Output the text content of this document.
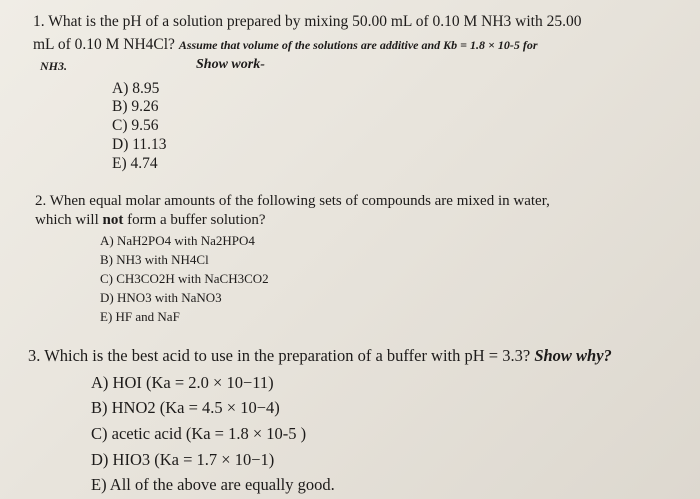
1. What is the pH of a solution prepared by mixing 50.00 mL of 0.10 M NH3 with 25.00
mL of 0.10 M NH4Cl? Assume that volume of the solutions are additive and Kb = 1.8 × 10-5 for
NH3.	Show work-
A) 8.95
B) 9.26
C) 9.56
D) 11.13
E) 4.74
2. When equal molar amounts of the following sets of compounds are mixed in water,
which will not form a buffer solution?
A) NaH2PO4 with Na2HPO4
B) NH3 with NH4Cl
C) CH3CO2H with NaCH3CO2
D) HNO3 with NaNO3
E) HF and NaF
3. Which is the best acid to use in the preparation of a buffer with pH = 3.3? Show why?
A) HOI (Ka = 2.0 × 10−11)
B) HNO2 (Ka = 4.5 × 10−4)
C) acetic acid (Ka = 1.8 × 10-5 )
D) HIO3 (Ka = 1.7 × 10−1)
E) All of the above are equally good.
